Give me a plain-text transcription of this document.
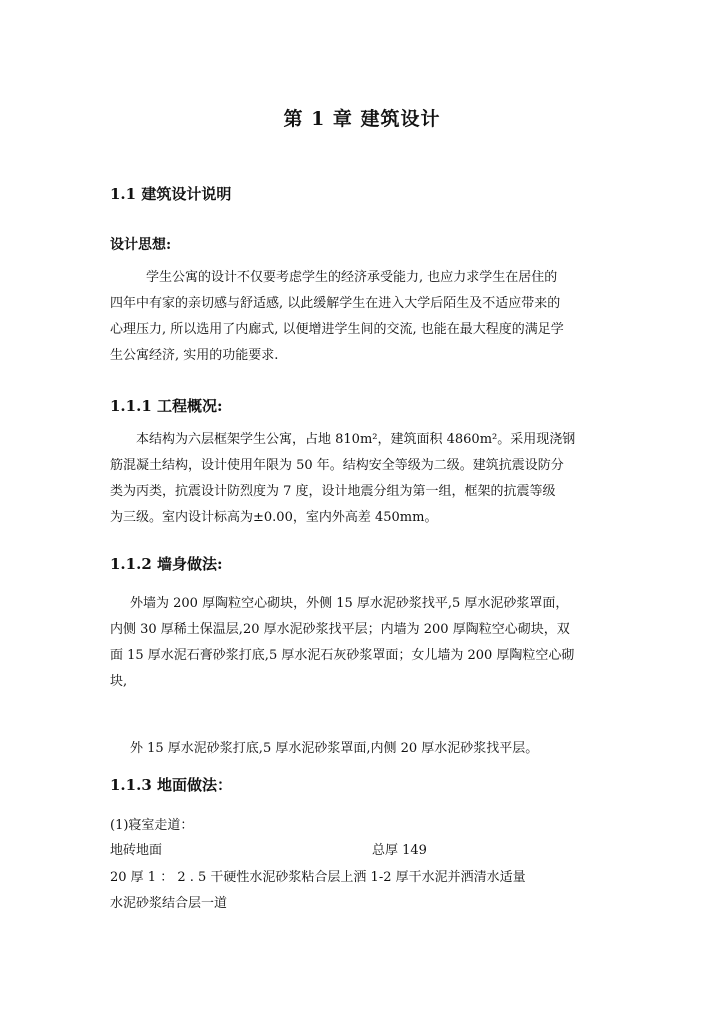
第 1 章 建筑设计
1.1 建筑设计说明
设计思想:
学生公寓的设计不仅要考虑学生的经济承受能力, 也应力求学生在居住的
四年中有家的亲切感与舒适感, 以此缓解学生在进入大学后陌生及不适应带来的
心理压力, 所以选用了内廊式, 以便增进学生间的交流, 也能在最大程度的满足学
生公寓经济, 实用的功能要求.
1.1.1 工程概况:
本结构为六层框架学生公寓，占地 810m²，建筑面积 4860m²。采用现浇钢
筋混凝土结构，设计使用年限为 50 年。结构安全等级为二级。建筑抗震设防分
类为丙类，抗震设计防烈度为 7 度，设计地震分组为第一组，框架的抗震等级
为三级。室内设计标高为±0.00，室内外高差 450mm。
1.1.2 墙身做法:
外墙为 200 厚陶粒空心砌块，外侧 15 厚水泥砂浆找平,5 厚水泥砂浆罩面，
内侧 30 厚稀土保温层,20 厚水泥砂浆找平层；内墙为 200 厚陶粒空心砌块，双
面 15 厚水泥石膏砂浆打底,5 厚水泥石灰砂浆罩面；女儿墙为 200 厚陶粒空心砌
块,
外 15 厚水泥砂浆打底,5 厚水泥砂浆罩面,内侧 20 厚水泥砂浆找平层。
1.1.3 地面做法：
(1)寝室走道：
地砖地面	总厚 149
20 厚 1 ： 2 . 5 干硬性水泥砂浆粘合层上洒 1-2 厚干水泥并洒清水适量
水泥砂浆结合层一道
